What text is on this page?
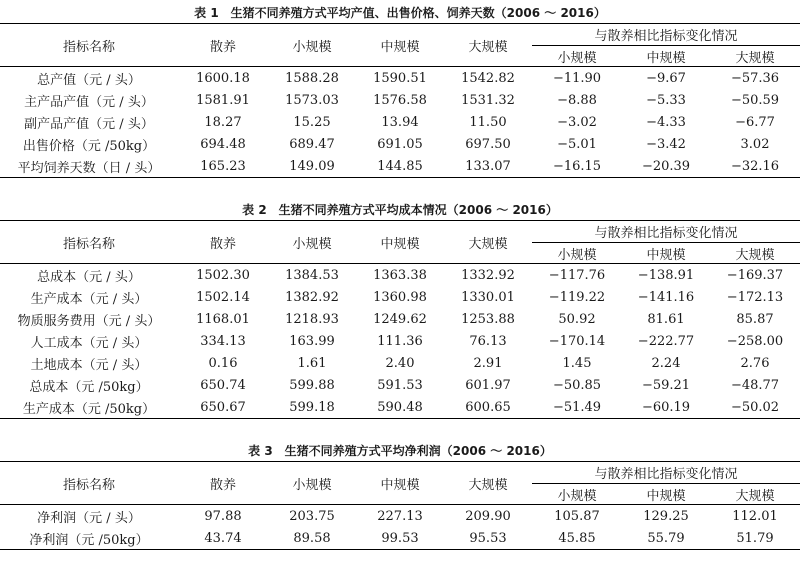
表 1　生猪不同养殖方式平均产值、出售价格、饲养天数（2006 ～ 2016）
指标名称	散养	小规模	中规模	大规模	与散养相比指标变化情况		
					小规模	中规模	大规模
总产值（元 / 头）	1600.18	1588.28	1590.51	1542.82	−11.90	−9.67	−57.36
主产品产值（元 / 头）	1581.91	1573.03	1576.58	1531.32	−8.88	−5.33	−50.59
副产品产值（元 / 头）	18.27	15.25	13.94	11.50	−3.02	−4.33	−6.77
出售价格（元 /50kg）	694.48	689.47	691.05	697.50	−5.01	−3.42	3.02
平均饲养天数（日 / 头）	165.23	149.09	144.85	133.07	−16.15	−20.39	−32.16
表 2　生猪不同养殖方式平均成本情况（2006 ～ 2016）
指标名称	散养	小规模	中规模	大规模	与散养相比指标变化情况		
					小规模	中规模	大规模
总成本（元 / 头）	1502.30	1384.53	1363.38	1332.92	−117.76	−138.91	−169.37
生产成本（元 / 头）	1502.14	1382.92	1360.98	1330.01	−119.22	−141.16	−172.13
物质服务费用（元 / 头）	1168.01	1218.93	1249.62	1253.88	50.92	81.61	85.87
人工成本（元 / 头）	334.13	163.99	111.36	76.13	−170.14	−222.77	−258.00
土地成本（元 / 头）	0.16	1.61	2.40	2.91	1.45	2.24	2.76
总成本（元 /50kg）	650.74	599.88	591.53	601.97	−50.85	−59.21	−48.77
生产成本（元 /50kg）	650.67	599.18	590.48	600.65	−51.49	−60.19	−50.02
表 3　生猪不同养殖方式平均净利润（2006 ～ 2016）
指标名称	散养	小规模	中规模	大规模	与散养相比指标变化情况		
					小规模	中规模	大规模
净利润（元 / 头）	97.88	203.75	227.13	209.90	105.87	129.25	112.01
净利润（元 /50kg）	43.74	89.58	99.53	95.53	45.85	55.79	51.79
